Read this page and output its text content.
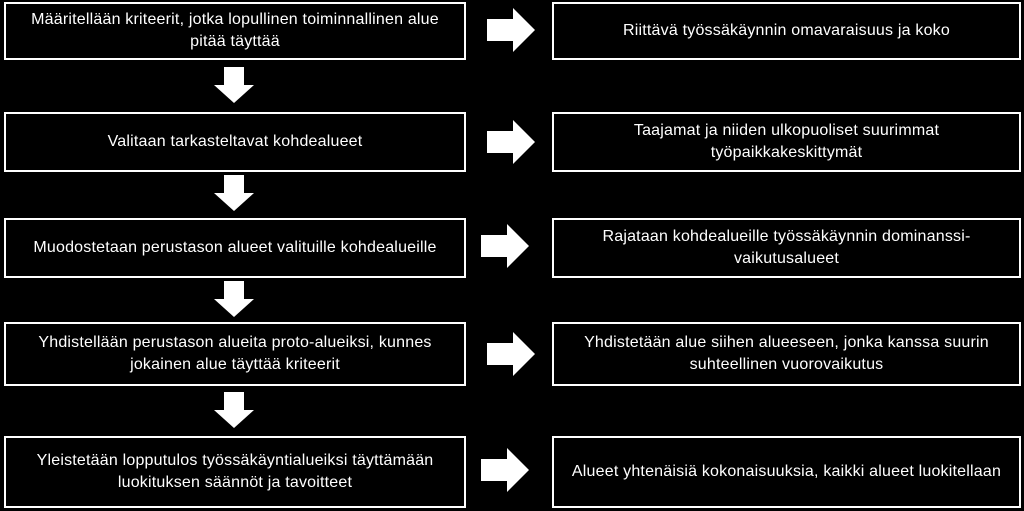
Määritellään kriteerit, jotka lopullinen toiminnallinen alue pitää täyttää
Riittävä työssäkäynnin omavaraisuus ja koko
Valitaan tarkasteltavat kohdealueet
Taajamat ja niiden ulkopuoliset suurimmat työpaikkakeskittymät
Muodostetaan perustason alueet valituille kohdealueille
Rajataan kohdealueille työssäkäynnin dominanssi-vaikutusalueet
Yhdistellään perustason alueita proto-alueiksi, kunnes jokainen alue täyttää kriteerit
Yhdistetään alue siihen alueeseen, jonka kanssa suurin suhteellinen vuorovaikutus
Yleistetään lopputulos työssäkäyntialueiksi täyttämään luokituksen säännöt ja tavoitteet
Alueet yhtenäisiä kokonaisuuksia, kaikki alueet luokitellaan
